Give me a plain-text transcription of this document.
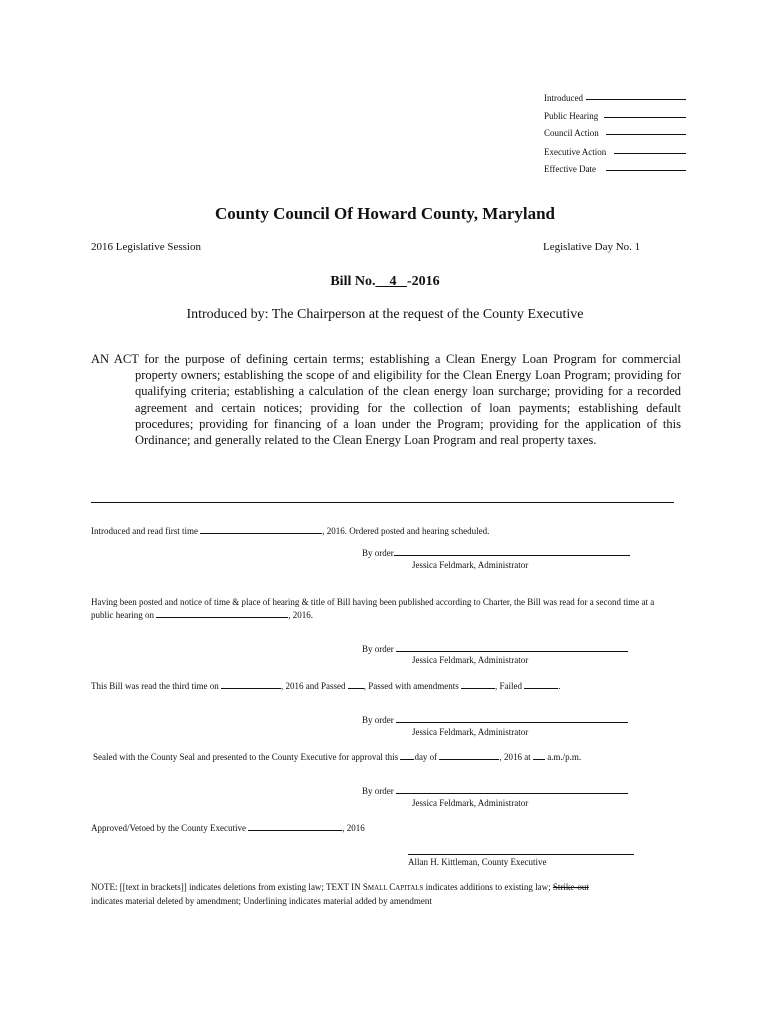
Introduced
Public Hearing
Council Action
Executive Action
Effective Date
County Council Of Howard County, Maryland
2016 Legislative Session	Legislative Day No. 1
Bill No. 4 -2016
Introduced by: The Chairperson at the request of the County Executive
AN ACT for the purpose of defining certain terms; establishing a Clean Energy Loan Program for commercial property owners; establishing the scope of and eligibility for the Clean Energy Loan Program; providing for qualifying criteria; establishing a calculation of the clean energy loan surcharge; providing for a recorded agreement and certain notices; providing for the collection of loan payments; establishing default procedures; providing for financing of a loan under the Program; providing for the application of this Ordinance; and generally related to the Clean Energy Loan Program and real property taxes.
Introduced and read first time	, 2016. Ordered posted and hearing scheduled.
By order
Jessica Feldmark, Administrator
Having been posted and notice of time & place of hearing & title of Bill having been published according to Charter, the Bill was read for a second time at a public hearing on	, 2016.
By order
Jessica Feldmark, Administrator
This Bill was read the third time on	, 2016 and Passed , Passed with amendments	, Failed	.
By order
Jessica Feldmark, Administrator
Sealed with the County Seal and presented to the County Executive for approval this day of	, 2016 at a.m./p.m.
By order
Jessica Feldmark, Administrator
Approved/Vetoed by the County Executive	, 2016
Allan H. Kittleman, County Executive
NOTE: [[text in brackets]] indicates deletions from existing law; TEXT IN SMALL CAPITALS indicates additions to existing law; Strike-out
indicates material deleted by amendment; Underlining indicates material added by amendment
